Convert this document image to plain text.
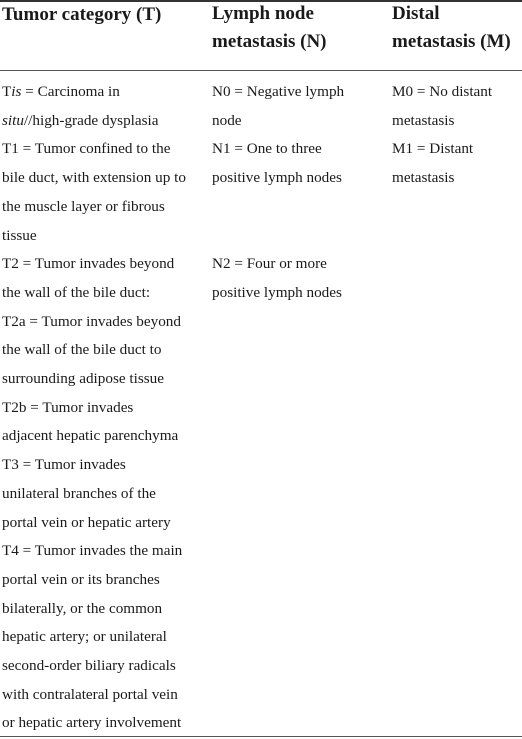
Tumor category (T)	Lymph node
metastasis (N)
Distal
metastasis (M)
Tis = Carcinoma in
situ//high-grade dysplasia
T1 = Tumor confined to the
bile duct, with extension up to
the muscle layer or fibrous
tissue
T2 = Tumor invades beyond
the wall of the bile duct:
T2a = Tumor invades beyond
the wall of the bile duct to
surrounding adipose tissue
T2b = Tumor invades
adjacent hepatic parenchyma
T3 = Tumor invades
unilateral branches of the
portal vein or hepatic artery
T4 = Tumor invades the main
portal vein or its branches
bilaterally, or the common
hepatic artery; or unilateral
second-order biliary radicals
with contralateral portal vein
or hepatic artery involvement
N0 = Negative lymph
node
N1 = One to three
positive lymph nodes
N2 = Four or more
positive lymph nodes
M0 = No distant
metastasis
M1 = Distant
metastasis
